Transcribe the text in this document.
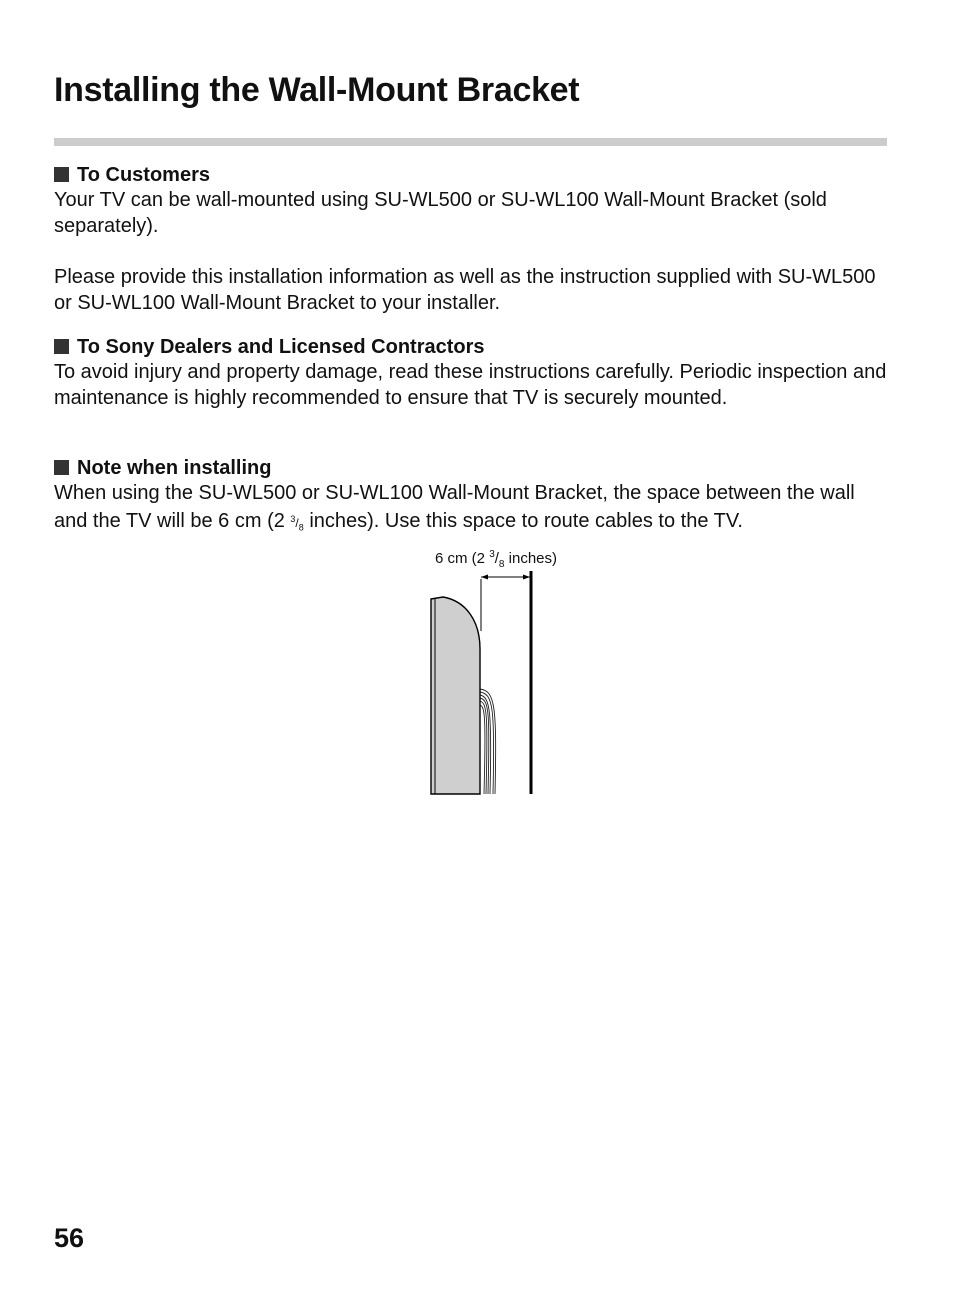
Installing the Wall-Mount Bracket
To Customers

Your TV can be wall-mounted using SU-WL500 or SU-WL100 Wall-Mount Bracket (sold separately).

Please provide this installation information as well as the instruction supplied with SU-WL500 or SU-WL100 Wall-Mount Bracket to your installer.

To Sony Dealers and Licensed Contractors

To avoid injury and property damage, read these instructions carefully. Periodic inspection and maintenance is highly recommended to ensure that TV is securely mounted.

Note when installing

When using the SU-WL500 or SU-WL100 Wall-Mount Bracket, the space between the wall and the TV will be 6 cm (2 $^3/_8$ inches). Use this space to route cables to the TV.

6 cm (2 $^3/_8$ inches)
56
